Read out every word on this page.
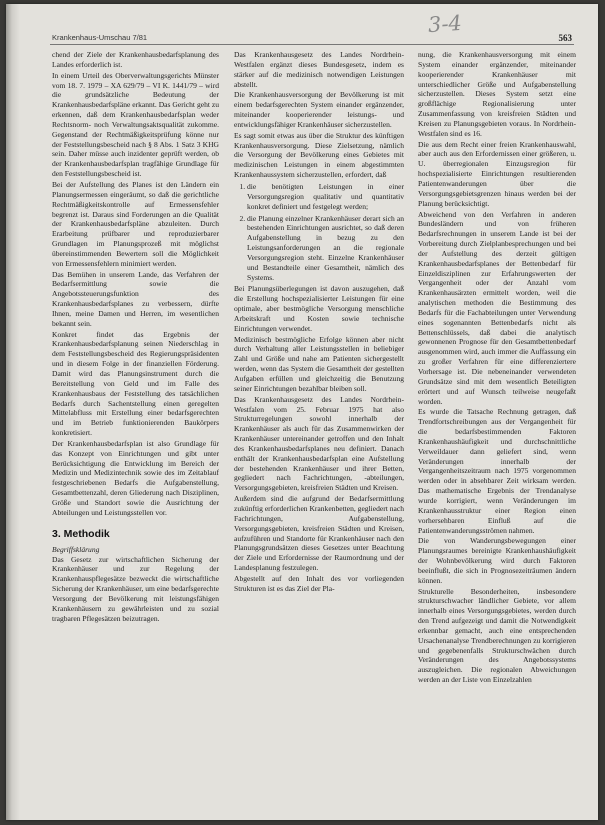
Krankenhaus-Umschau 7/81
3-4
563

chend der Ziele der Krankenhausbedarfsplanung des Landes erforderlich ist.

In einem Urteil des Oberverwaltungsgerichts Münster vom 18. 7. 1979 – XA 629/79 – VI K. 1441/79 – wird die grundsätzliche Bedeutung der Krankenhausbedarfspläne erkannt. Das Gericht geht zu erkennen, daß dem Krankenhausbedarfsplan weder Rechtsnorm- noch Verwaltungsaktsqualität zukomme. Gegenstand der Rechtmäßigkeitsprüfung könne nur der Feststellungsbescheid nach § 8 Abs. 1 Satz 3 KHG sein. Daher müsse auch inzidenter geprüft werden, ob der Krankenhausbedarfsplan tragfähige Grundlage für den Feststellungsbescheid ist.

Bei der Aufstellung des Planes ist den Ländern ein Planungsermessen eingeräumt, so daß die gerichtliche Rechtmäßigkeitskontrolle auf Ermessensfehler begrenzt ist. Daraus sind Forderungen an die Qualität der Krankenhausbedarfspläne abzuleiten. Durch Erarbeitung prüfbarer und reproduzierbarer Grundlagen im Planungsprozeß mit möglichst übereinstimmenden Bewertern soll die Möglichkeit von Ermessensfehlern minimiert werden.

Das Bemühen in unserem Lande, das Verfahren der Bedarfsermittlung sowie die Angebotssteuerungsfunktion des Krankenhausbedarfsplanes zu verbessern, dürfte Ihnen, meine Damen und Herren, im wesentlichen bekannt sein.

Konkret findet das Ergebnis der Krankenhausbedarfsplanung seinen Niederschlag in dem Feststellungsbescheid des Regierungspräsidenten und in diesem Folge in der finanziellen Förderung. Damit wird das Planungsinstrument durch die Bereitstellung von Geld und im Falle des Krankenhausbaus der Feststellung des tatsächlichen Bedarfs durch Sachentstellung einen geregelten Mittelabfluss mit Erstellung einer bedarfsgerechten und im Betrieb funktionierenden Baukörpers konkretisiert.

Der Krankenhausbedarfsplan ist also Grundlage für das Konzept von Einrichtungen und gibt unter Berücksichtigung die Entwicklung im Bereich der Medizin und Medizintechnik sowie des im Zeitablauf festgeschriebenen Bedarfs die Aufgabenstellung, Gesamtbettenzahl, deren Gliederung nach Disziplinen, Größe und Standort sowie die Ausrichtung der Abteilungen und Leistungsstellen vor.

3. Methodik
Begriffsklärung

Das Gesetz zur wirtschaftlichen Sicherung der Krankenhäuser und zur Regelung der Krankenhauspflegesätze bezweckt die wirtschaftliche Sicherung der Krankenhäuser, um eine bedarfsgerechte Versorgung der Bevölkerung mit leistungsfähigen Krankenhäusern zu gewährleisten und zu sozial tragbaren Pflegesätzen beizutragen.

Das Krankenhausgesetz des Landes Nordrhein-Westfalen ergänzt dieses Bundesgesetz, indem es stärker auf die medizinisch notwendigen Leistungen abstellt.

Die Krankenhausversorgung der Bevölkerung ist mit einem bedarfsgerechten System einander ergänzender, miteinander kooperierender leistungs- und entwicklungsfähiger Krankenhäuser sicherzustellen.

Es sagt somit etwas aus über die Struktur des künftigen Krankenhausversorgung. Diese Zielsetzung, nämlich die Versorgung der Bevölkerung eines Gebietes mit medizinischen Leistungen in einem abgestimmten Krankenhaussystem sicherzustellen, erfordert, daß

1. die benötigten Leistungen in einer Versorgungsregion qualitativ und quantitativ konkret definiert und festgelegt werden;
2. die Planung einzelner Krankenhäuser derart sich an bestehenden Einrichtungen ausrichtet, so daß deren Aufgabenstellung in bezug zu den Leistungsanforderungen an die regionale Versorgungsregion steht. Einzelne Krankenhäuser und Bestandteile einer Gesamtheit, nämlich des Systems.

Bei Planungsüberlegungen ist davon auszugehen, daß die Erstellung hochspezialisierter Leistungen für eine optimale, aber bestmögliche Versorgung menschliche Arbeitskraft und Kosten sowie technische Einrichtungen verwendet.

Medizinisch bestmögliche Erfolge können aber nicht durch Verhaltung aller Leistungsstellen in beliebiger Zahl und Größe und nahe am Patienten sichergestellt werden, wenn das System die Gesamtheit der gestellten Aufgaben erfüllen und gleichzeitig die Benutzung seiner Einrichtungen bezahlbar bleiben soll.

Das Krankenhausgesetz des Landes Nordrhein-Westfalen vom 25. Februar 1975 hat also Strukturregelungen sowohl innerhalb der Krankenhäuser als auch für das Zusammenwirken der Krankenhäuser untereinander getroffen und den Inhalt des Krankenhausbedarfsplanes neu definiert. Danach enthält der Krankenhausbedarfsplan eine Aufstellung der bestehenden Krankenhäuser und ihrer Betten, gegliedert nach Fachrichtungen, -abteilungen, Versorgungsgebieten, kreisfreien Städten und Kreisen.

Außerdem sind die aufgrund der Bedarfsermittlung zukünftig erforderlichen Krankenbetten, gegliedert nach Fachrichtungen, Aufgabenstellung, Versorgungsgebieten, kreisfreien Städten und Kreisen, aufzuführen und Standorte für Krankenhäuser nach den Planungsgrundsätzen dieses Gesetzes unter Beachtung der Ziele und Erfordernisse der Raumordnung und der Landesplanung festzulegen.

Abgestellt auf den Inhalt des vor vorliegenden Strukturen ist es das Ziel der Pla-

nung, die Krankenhausversorgung mit einem System einander ergänzender, miteinander kooperierender Krankenhäuser mit unterschiedlicher Größe und Aufgabenstellung sicherzustellen. Dieses System setzt eine großflächige Regionalisierung unter Zusammenfassung von kreisfreien Städten und Kreisen zu Planungsgebieten voraus. In Nordrhein-Westfalen sind es 16.

Die aus dem Recht einer freien Krankenhauswahl, aber auch aus den Erfordernissen einer größeren, u. U. überregionalen Einzugsregion für hochspezialisierte Einrichtungen resultierenden Patientenwanderungen über die Versorgungsgebietsgrenzen hinaus werden bei der Planung berücksichtigt.

Abweichend von den Verfahren in anderen Bundesländern und von früheren Bedarfsrechnungen in unserem Lande ist bei der Vorbereitung durch Zielplanbesprechungen und bei der Aufstellung des derzeit gültigen Krankenhausbedarfsplanes der Bettenbedarf für Einzeldisziplinen zur Erfahrungswerten der Vergangenheit oder der Anzahl vom Krankenhausärzten ermittelt worden, weil die analytischen methoden die Bestimmung des Bedarfs für die Fachabteilungen unter Verwendung eines sogenannten Bettenbedarfs nicht als Bettenschlüssels, daß dabei die analytisch gewonnenen Prognose für den Gesamtbettenbedarf ausgenommen wird, auch immer die Auffassung ein zu großer Verfahren für eine differenziertere Vorhersage ist. Die nebeneinander verwendeten Grundsätze sind mit dem wesentlich Beteiligten erörtert und auf Wunsch teilweise neugefaßt worden.

Es wurde die Tatsache Rechnung getragen, daß Trendfortschreibungen aus der Vergangenheit für die bedarfsbestimmenden Faktoren Krankenhaushäufigkeit und durchschnittliche Verweildauer dann geliefert sind, wenn Veränderungen innerhalb der Vergangenheitszeitraum nach 1975 vorgenommen werden oder in absehbarer Zeit wirksam werden. Das mathematische Ergebnis der Trendanalyse wurde korrigiert, wenn Veränderungen im Krankenhausstruktur einer Region einen vorhersehbaren Einfluß auf die Patientenwanderungsströmen nahmen.

Die von Wanderungsbewegungen einer Planungsraumes bereinigte Krankenhaushäufigkeit der Wohnbevölkerung wird durch Faktoren beeinflußt, die sich in Prognosezeiträumen ändern können.

Strukturelle Besonderheiten, insbesondere strukturschwacher ländlicher Gebiete, vor allem innerhalb eines Versorgungsgebietes, werden durch den Trend aufgezeigt und damit die Notwendigkeit erkennbar gemacht, auch eine entsprechenden Ursachenanalyse Trendberechnungen zu korrigieren und gegebenenfalls Strukturschwächen durch Veränderungen des Angebotssystems auszugleichen. Die regionalen Abweichungen werden an der Liste von Einzelzahlen
